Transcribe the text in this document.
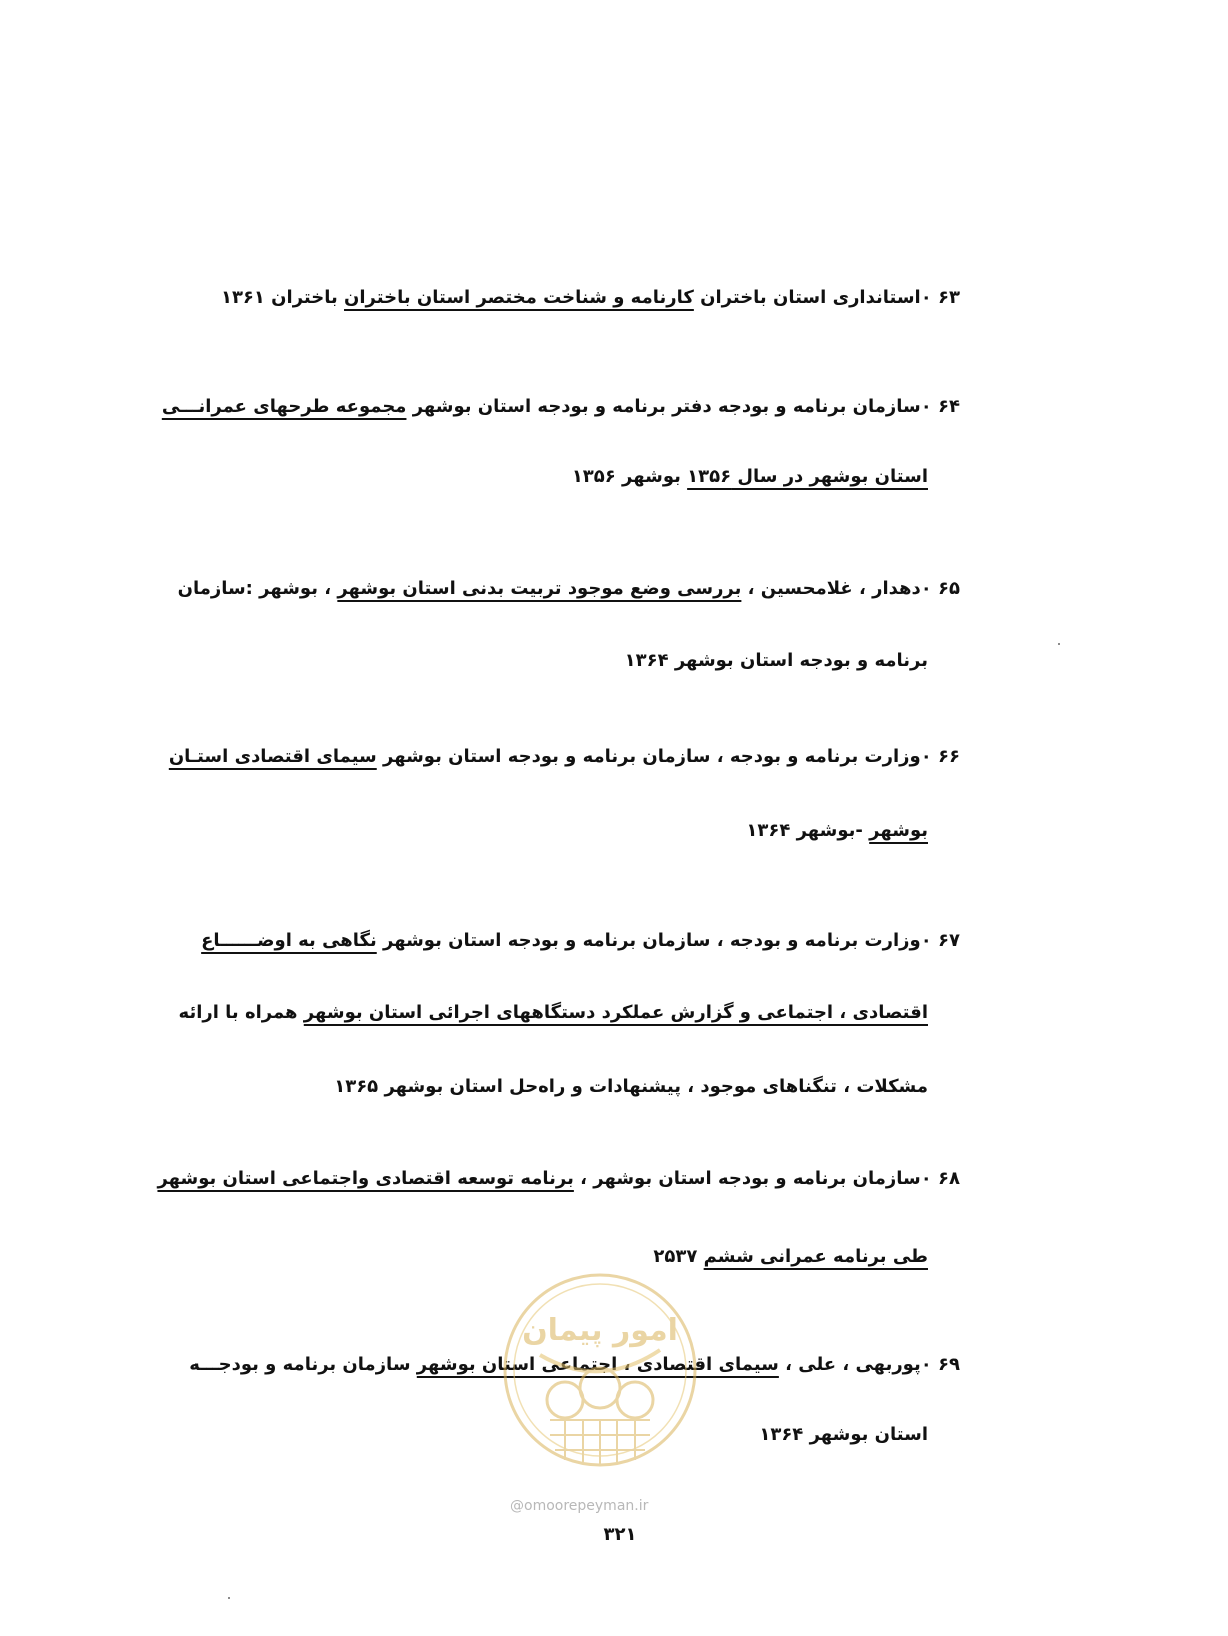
۶۳ ۰استانداری استان باختران کارنامه و شناخت مختصر استان باختران باختران ۱۳۶۱
۶۴ ۰سازمان برنامه و بودجه دفتر برنامه و بودجه استان بوشهر مجموعه طرحهای عمرانـــی
استان بوشهر در سال ۱۳۵۶ بوشهر ۱۳۵۶
۶۵ ۰دهدار ، غلامحسین ، بررسی وضع موجود تربیت بدنی استان بوشهر ، بوشهر :سازمان
برنامه و بودجه استان بوشهر ۱۳۶۴
۶۶ ۰وزارت برنامه و بودجه ، سازمان برنامه و بودجه استان بوشهر سیمای اقتصادی استـان
بوشهر -بوشهر ۱۳۶۴
۶۷ ۰وزارت برنامه و بودجه ، سازمان برنامه و بودجه استان بوشهر نگاهی به اوضــــــاع
اقتصادی ، اجتماعی و گزارش عملکرد دستگاههای اجرائی استان بوشهر همراه با ارائه
مشکلات ، تنگناهای موجود ، پیشنهادات و راه‌حل استان بوشهر ۱۳۶۵
۶۸ ۰سازمان برنامه و بودجه استان بوشهر ، برنامه توسعه اقتصادی واجتماعی استان بوشهر
طی برنامه عمرانی ششم ۲۵۳۷
۶۹ ۰پوربهی ، علی ، سیمای اقتصادی ، اجتماعی استان بوشهر سازمان برنامه و بودجـــه
استان بوشهر ۱۳۶۴
امور پیمان
@omoorepeyman.ir
۳۲۱
